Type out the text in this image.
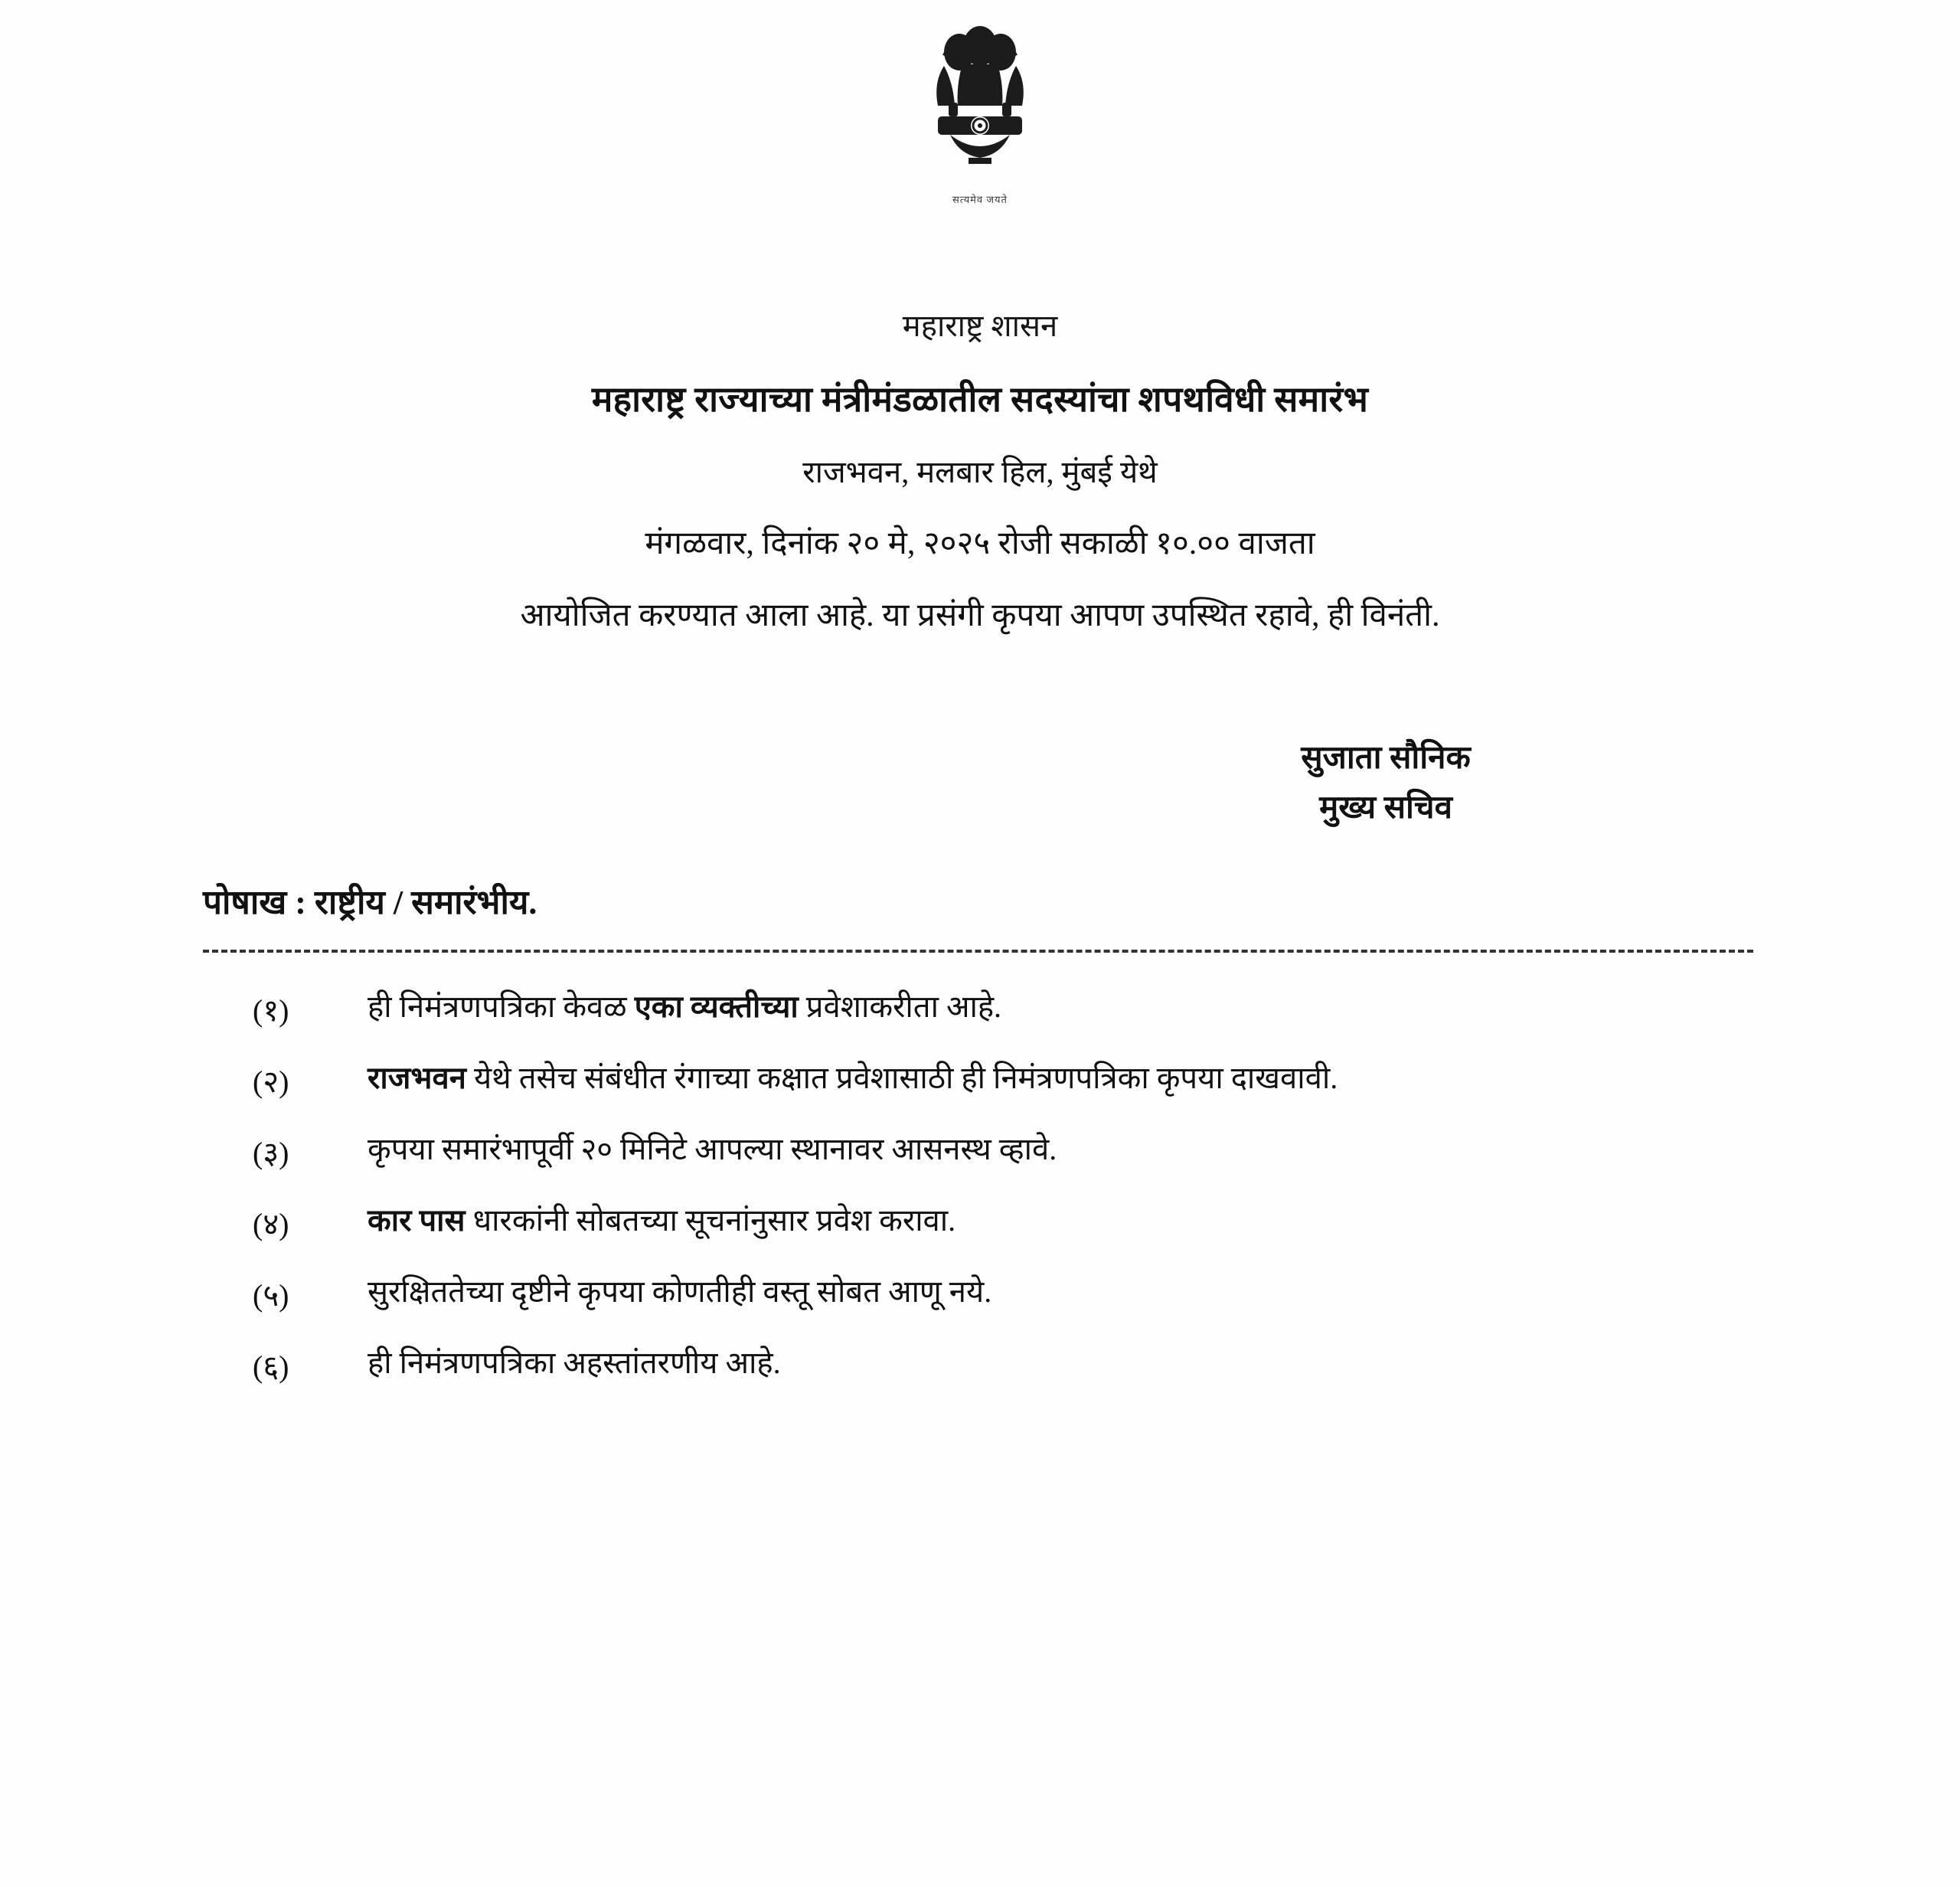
सत्यमेव जयते
महाराष्ट्र शासन
महाराष्ट्र राज्याच्या मंत्रीमंडळातील सदस्यांचा शपथविधी समारंभ
राजभवन, मलबार हिल, मुंबई येथे
मंगळवार, दिनांक २० मे, २०२५ रोजी सकाळी १०.०० वाजता
आयोजित करण्यात आला आहे. या प्रसंगी कृपया आपण उपस्थित रहावे, ही विनंती.
सुजाता सौनिक
मुख्य सचिव
पोषाख : राष्ट्रीय / समारंभीय.
(१)	ही निमंत्रणपत्रिका केवळ एका व्यक्तीच्या प्रवेशाकरीता आहे.
(२)	राजभवन येथे तसेच संबंधीत रंगाच्या कक्षात प्रवेशासाठी ही निमंत्रणपत्रिका कृपया दाखवावी.
(३)	कृपया समारंभापूर्वी २० मिनिटे आपल्या स्थानावर आसनस्थ व्हावे.
(४)	कार पास धारकांनी सोबतच्या सूचनांनुसार प्रवेश करावा.
(५)	सुरक्षिततेच्या दृष्टीने कृपया कोणतीही वस्तू सोबत आणू नये.
(६)	ही निमंत्रणपत्रिका अहस्तांतरणीय आहे.
